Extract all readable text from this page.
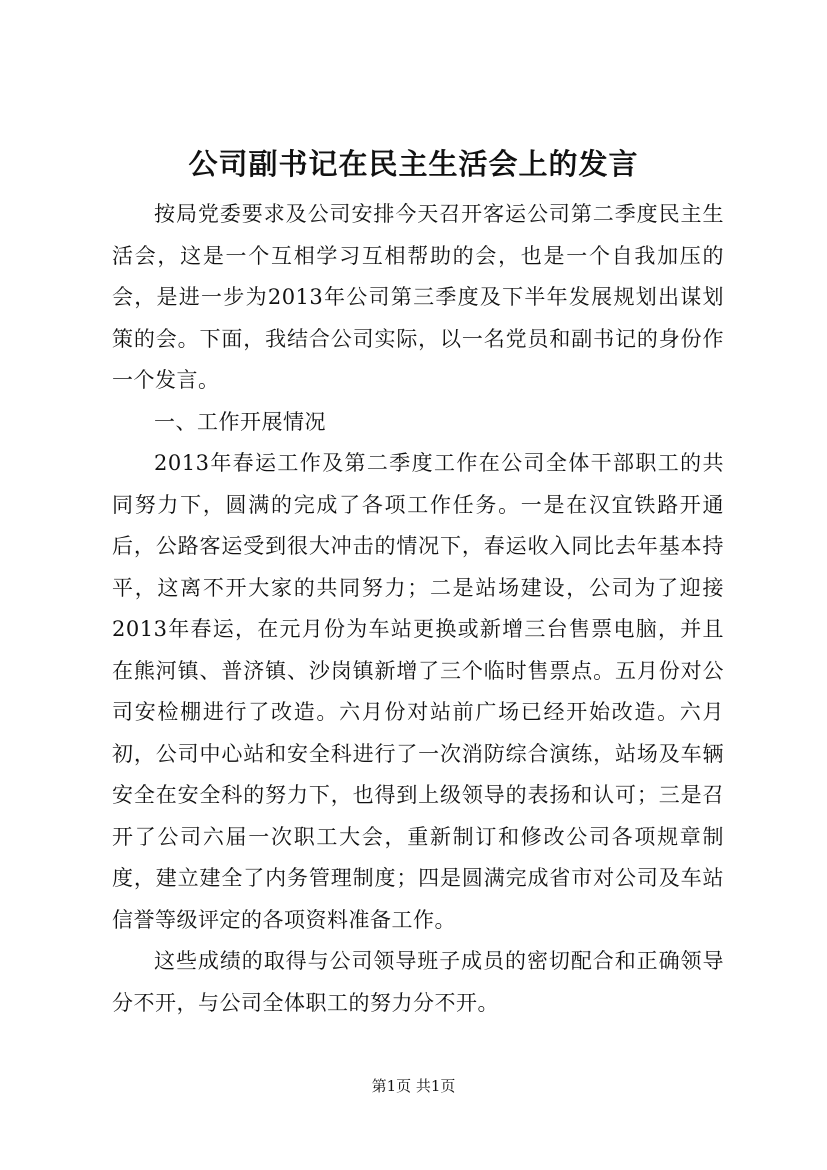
公司副书记在民主生活会上的发言

按局党委要求及公司安排今天召开客运公司第二季度民主生活会，这是一个互相学习互相帮助的会，也是一个自我加压的会，是进一步为2013年公司第三季度及下半年发展规划出谋划策的会。下面，我结合公司实际，以一名党员和副书记的身份作一个发言。

一、工作开展情况

2013年春运工作及第二季度工作在公司全体干部职工的共同努力下，圆满的完成了各项工作任务。一是在汉宜铁路开通后，公路客运受到很大冲击的情况下，春运收入同比去年基本持平，这离不开大家的共同努力；二是站场建设，公司为了迎接2013年春运，在元月份为车站更换或新增三台售票电脑，并且在熊河镇、普济镇、沙岗镇新增了三个临时售票点。五月份对公司安检棚进行了改造。六月份对站前广场已经开始改造。六月初，公司中心站和安全科进行了一次消防综合演练，站场及车辆安全在安全科的努力下，也得到上级领导的表扬和认可；三是召开了公司六届一次职工大会，重新制订和修改公司各项规章制度，建立建全了内务管理制度；四是圆满完成省市对公司及车站信誉等级评定的各项资料准备工作。

这些成绩的取得与公司领导班子成员的密切配合和正确领导分不开，与公司全体职工的努力分不开。

第1页 共1页
